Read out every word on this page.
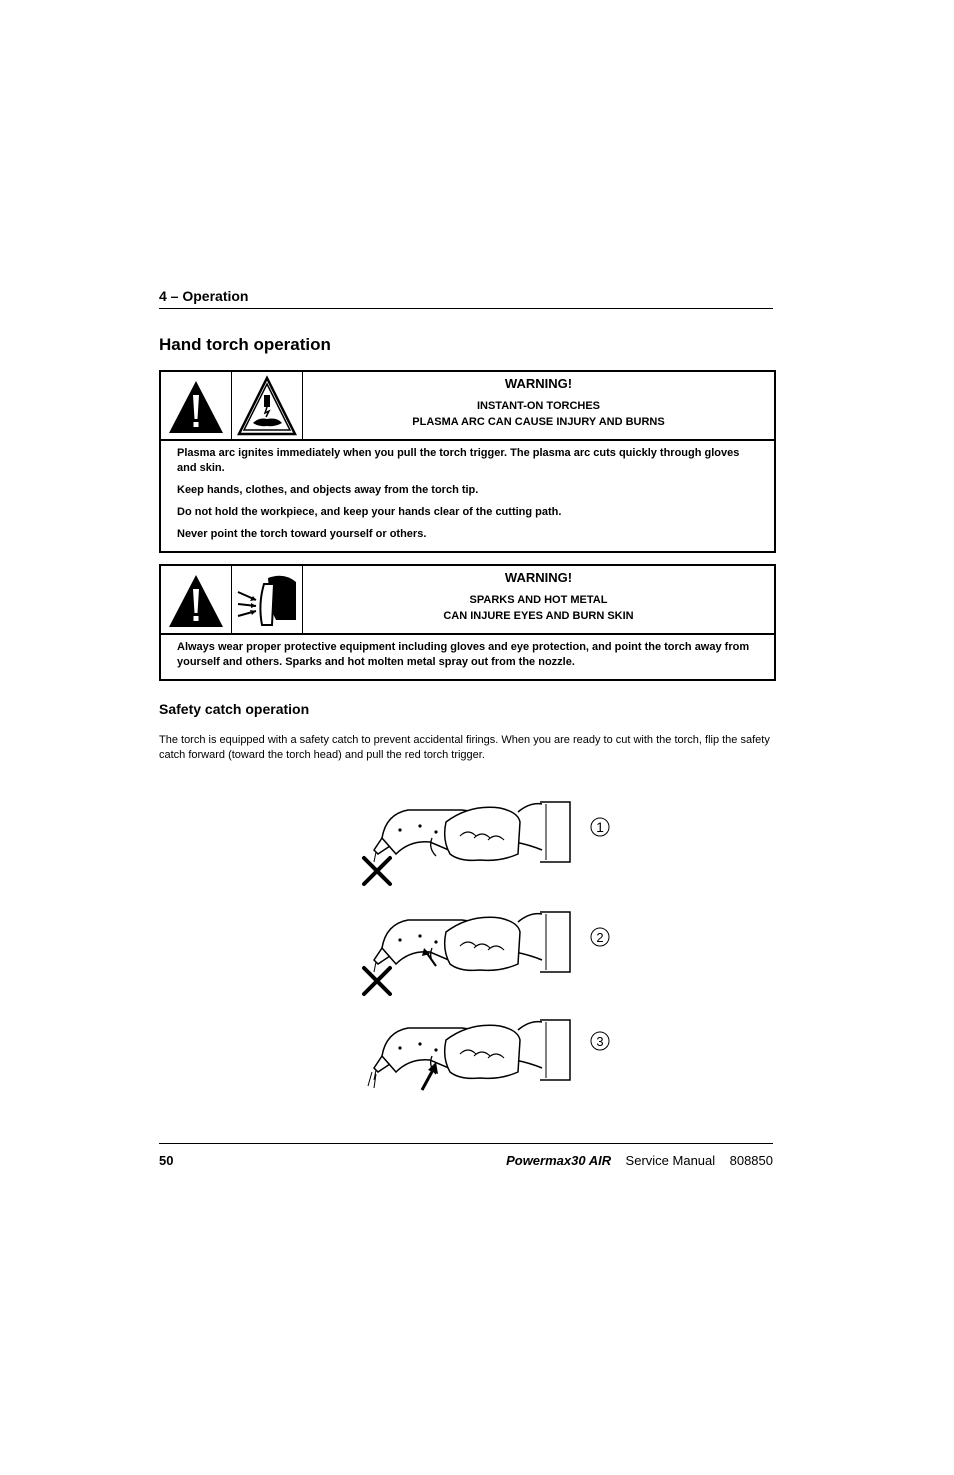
4 – Operation
Hand torch operation
WARNING!
INSTANT-ON TORCHES
PLASMA ARC CAN CAUSE INJURY AND BURNS

Plasma arc ignites immediately when you pull the torch trigger. The plasma arc cuts quickly through gloves and skin.

Keep hands, clothes, and objects away from the torch tip.

Do not hold the workpiece, and keep your hands clear of the cutting path.

Never point the torch toward yourself or others.

WARNING!
SPARKS AND HOT METAL
CAN INJURE EYES AND BURN SKIN

Always wear proper protective equipment including gloves and eye protection, and point the torch away from yourself and others. Sparks and hot molten metal spray out from the nozzle.

Safety catch operation
The torch is equipped with a safety catch to prevent accidental firings. When you are ready to cut with the torch, flip the safety catch forward (toward the torch head) and pull the red torch trigger.
1
2
3
50	Powermax30 AIR Service Manual 808850
